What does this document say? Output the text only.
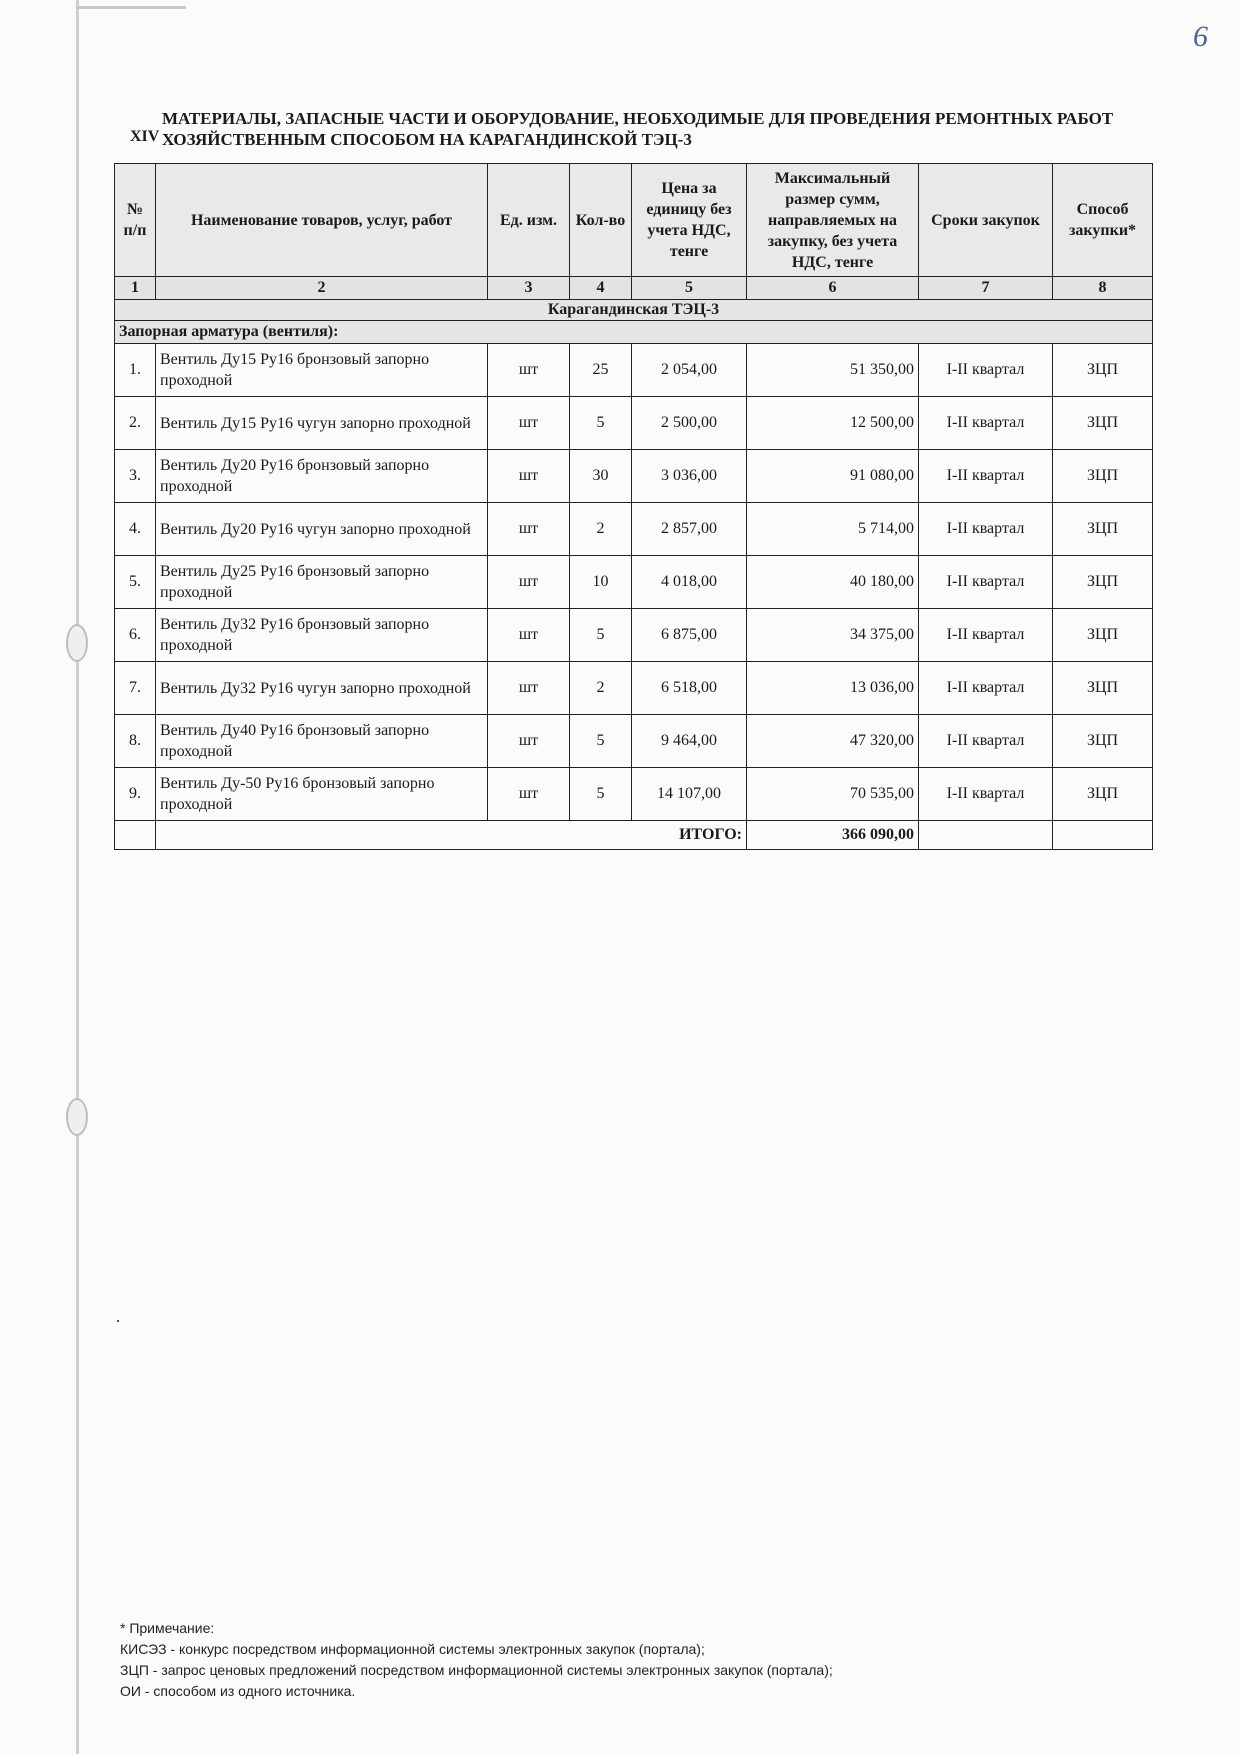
6
XIV
МАТЕРИАЛЫ, ЗАПАСНЫЕ ЧАСТИ И ОБОРУДОВАНИЕ, НЕОБХОДИМЫЕ ДЛЯ ПРОВЕДЕНИЯ РЕМОНТНЫХ РАБОТ ХОЗЯЙСТВЕННЫМ СПОСОБОМ НА КАРАГАНДИНСКОЙ ТЭЦ-3
№ п/п	Наименование товаров, услуг, работ	Ед. изм.	Кол-во	Цена за единицу без учета НДС, тенге	Максимальный размер сумм, направляемых на закупку, без учета НДС, тенге	Сроки закупок	Способ закупки*
1	2	3	4	5	6	7	8
Карагандинская ТЭЦ-3							
Запорная арматура (вентиля):							
1.	Вентиль Ду15 Ру16 бронзовый запорно проходной	шт	25	2 054,00	51 350,00	I-II квартал	ЗЦП
2.	Вентиль Ду15 Ру16 чугун запорно проходной	шт	5	2 500,00	12 500,00	I-II квартал	ЗЦП
3.	Вентиль Ду20 Ру16 бронзовый запорно проходной	шт	30	3 036,00	91 080,00	I-II квартал	ЗЦП
4.	Вентиль Ду20 Ру16 чугун запорно проходной	шт	2	2 857,00	5 714,00	I-II квартал	ЗЦП
5.	Вентиль Ду25 Ру16 бронзовый запорно проходной	шт	10	4 018,00	40 180,00	I-II квартал	ЗЦП
6.	Вентиль Ду32 Ру16 бронзовый запорно проходной	шт	5	6 875,00	34 375,00	I-II квартал	ЗЦП
7.	Вентиль Ду32 Ру16 чугун запорно проходной	шт	2	6 518,00	13 036,00	I-II квартал	ЗЦП
8.	Вентиль Ду40 Ру16 бронзовый запорно проходной	шт	5	9 464,00	47 320,00	I-II квартал	ЗЦП
9.	Вентиль Ду-50 Ру16 бронзовый запорно проходной	шт	5	14 107,00	70 535,00	I-II квартал	ЗЦП
	ИТОГО:				366 090,00		
* Примечание:
КИСЭЗ - конкурс посредством информационной системы электронных закупок (портала);
ЗЦП - запрос ценовых предложений посредством информационной системы электронных закупок (портала);
ОИ - способом из одного источника.
